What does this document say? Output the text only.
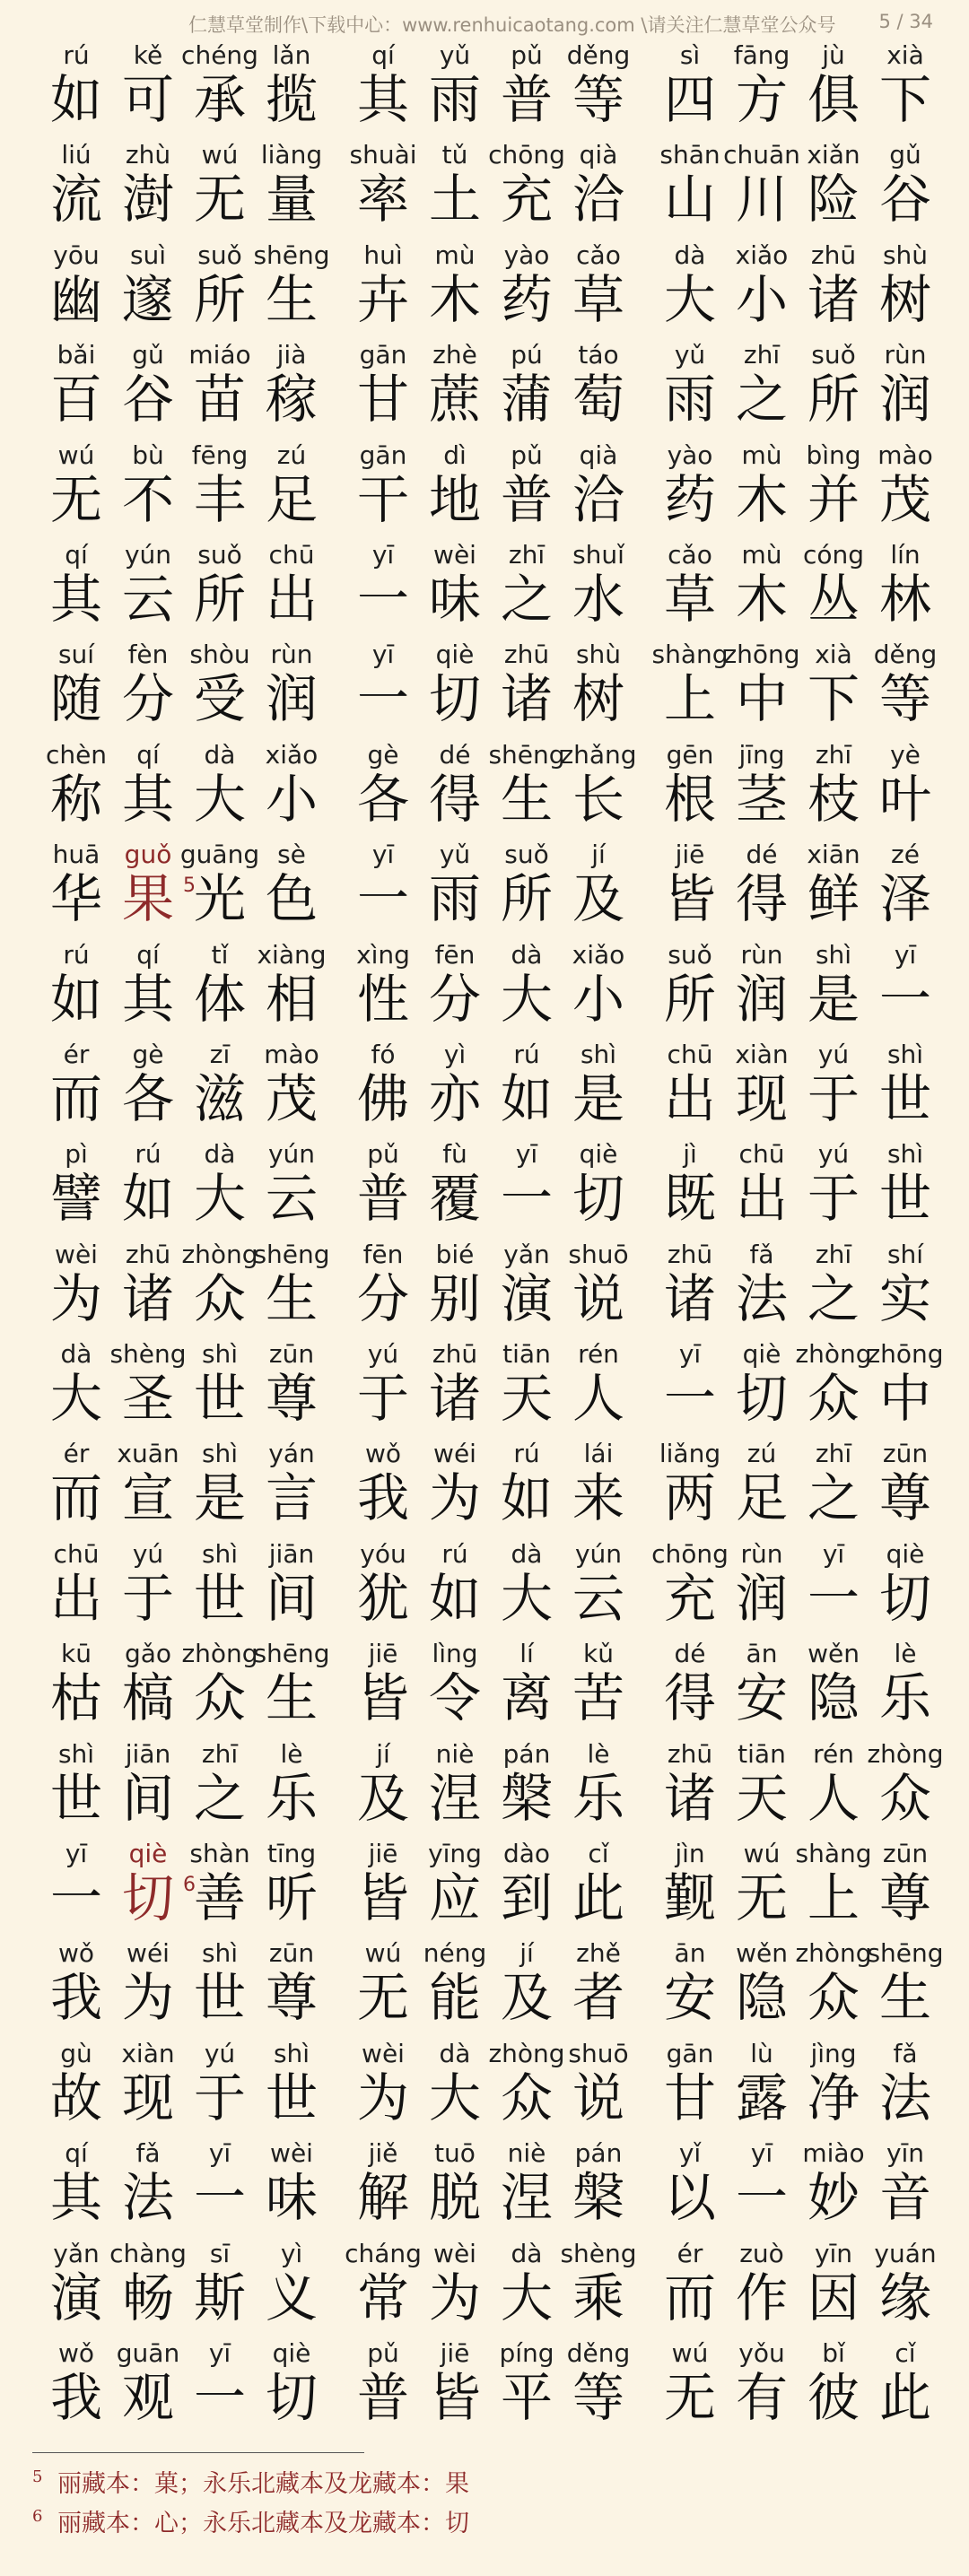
仁慧草堂制作\下载中心：www.renhuicaotang.com \请关注仁慧草堂公众号 5 / 34
rú
如
kě
可
chéng
承
lǎn
揽
qí
其
yǔ
雨
pǔ
普
děng
等
sì
四
fāng
方
jù
俱
xià
下
liú
流
zhù
澍
wú
无
liàng
量
shuài
率
tǔ
土
chōng
充
qià
洽
shān
山
chuān
川
xiǎn
险
gǔ
谷
yōu
幽
suì
邃
suǒ
所
shēng
生
huì
卉
mù
木
yào
药
cǎo
草
dà
大
xiǎo
小
zhū
诸
shù
树
bǎi
百
gǔ
谷
miáo
苗
jià
稼
gān
甘
zhè
蔗
pú
蒲
táo
萄
yǔ
雨
zhī
之
suǒ
所
rùn
润
wú
无
bù
不
fēng
丰
zú
足
gān
干
dì
地
pǔ
普
qià
洽
yào
药
mù
木
bìng
并
mào
茂
qí
其
yún
云
suǒ
所
chū
出
yī
一
wèi
味
zhī
之
shuǐ
水
cǎo
草
mù
木
cóng
丛
lín
林
suí
随
fèn
分
shòu
受
rùn
润
yī
一
qiè
切
zhū
诸
shù
树
shàng
上
zhōng
中
xià
下
děng
等
chèn
称
qí
其
dà
大
xiǎo
小
gè
各
dé
得
shēng
生
zhǎng
长
gēn
根
jīng
茎
zhī
枝
yè
叶
huā
华
guǒ
果 5
guāng
光
sè
色
yī
一
yǔ
雨
suǒ
所
jí
及
jiē
皆
dé
得
xiān
鲜
zé
泽
rú
如
qí
其
tǐ
体
xiàng
相
xìng
性
fēn
分
dà
大
xiǎo
小
suǒ
所
rùn
润
shì
是
yī
一
ér
而
gè
各
zī
滋
mào
茂
fó
佛
yì
亦
rú
如
shì
是
chū
出
xiàn
现
yú
于
shì
世
pì
譬
rú
如
dà
大
yún
云
pǔ
普
fù
覆
yī
一
qiè
切
jì
既
chū
出
yú
于
shì
世
wèi
为
zhū
诸
zhòng
众
shēng
生
fēn
分
bié
别
yǎn
演
shuō
说
zhū
诸
fǎ
法
zhī
之
shí
实
dà
大
shèng
圣
shì
世
zūn
尊
yú
于
zhū
诸
tiān
天
rén
人
yī
一
qiè
切
zhòng
众
zhōng
中
ér
而
xuān
宣
shì
是
yán
言
wǒ
我
wéi
为
rú
如
lái
来
liǎng
两
zú
足
zhī
之
zūn
尊
chū
出
yú
于
shì
世
jiān
间
yóu
犹
rú
如
dà
大
yún
云
chōng
充
rùn
润
yī
一
qiè
切
kū
枯
gǎo
槁
zhòng
众
shēng
生
jiē
皆
lìng
令
lí
离
kǔ
苦
dé
得
ān
安
wěn
隐
lè
乐
shì
世
jiān
间
zhī
之
lè
乐
jí
及
niè
涅
pán
槃
lè
乐
zhū
诸
tiān
天
rén
人
zhòng
众
yī
一
qiè
切 6
shàn
善
tīng
听
jiē
皆
yīng
应
dào
到
cǐ
此
jìn
觐
wú
无
shàng
上
zūn
尊
wǒ
我
wéi
为
shì
世
zūn
尊
wú
无
néng
能
jí
及
zhě
者
ān
安
wěn
隐
zhòng
众
shēng
生
gù
故
xiàn
现
yú
于
shì
世
wèi
为
dà
大
zhòng
众
shuō
说
gān
甘
lù
露
jìng
净
fǎ
法
qí
其
fǎ
法
yī
一
wèi
味
jiě
解
tuō
脱
niè
涅
pán
槃
yǐ
以
yī
一
miào
妙
yīn
音
yǎn
演
chàng
畅
sī
斯
yì
义
cháng
常
wèi
为
dà
大
shèng
乘
ér
而
zuò
作
yīn
因
yuán
缘
wǒ
我
guān
观
yī
一
qiè
切
pǔ
普
jiē
皆
píng
平
děng
等
wú
无
yǒu
有
bǐ
彼
cǐ
此
5 丽藏本：菓；永乐北藏本及龙藏本：果
6 丽藏本：心；永乐北藏本及龙藏本：切
